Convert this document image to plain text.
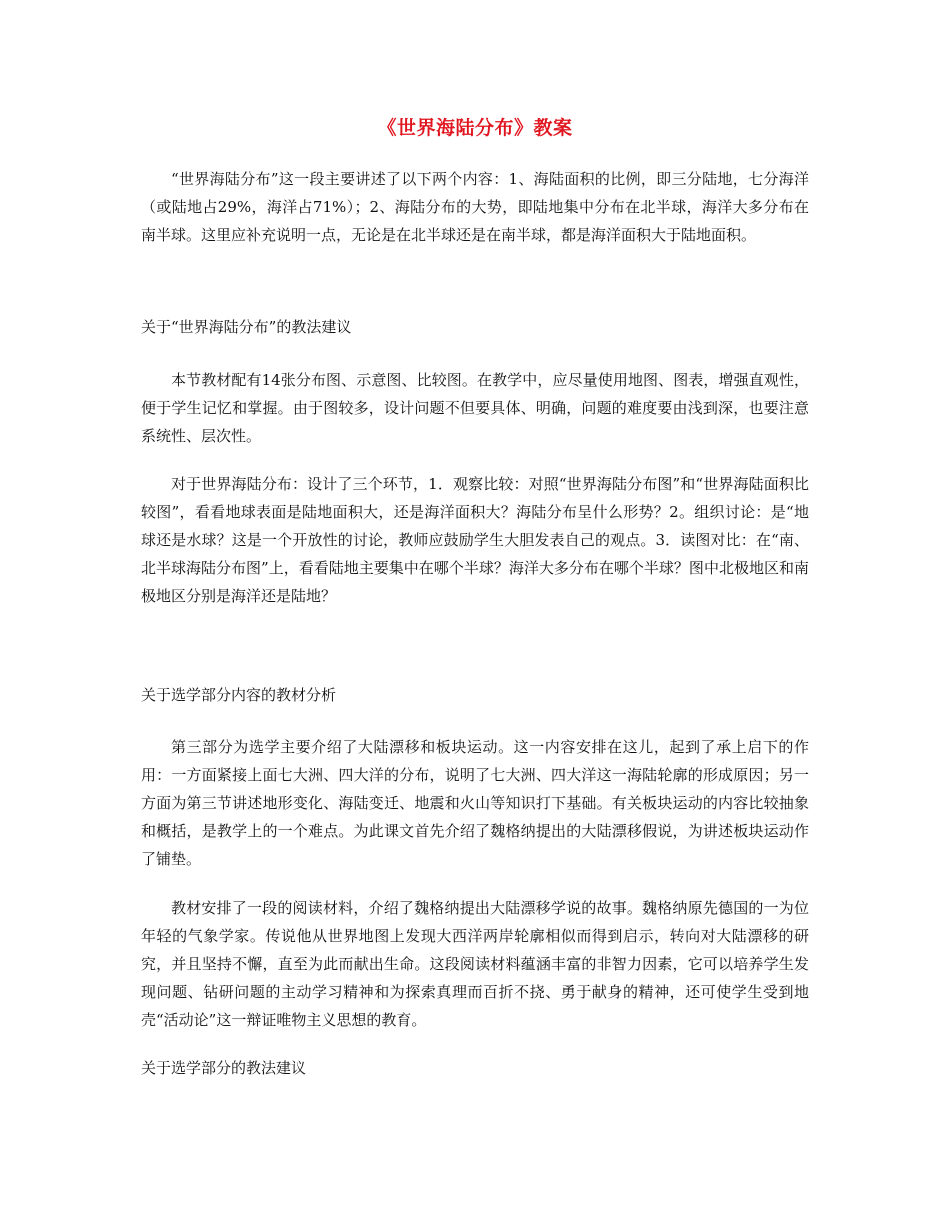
《世界海陆分布》教案
“世界海陆分布”这一段主要讲述了以下两个内容：1、海陆面积的比例，即三分陆地，七分海洋（或陆地占29%，海洋占71%）；2、海陆分布的大势，即陆地集中分布在北半球，海洋大多分布在南半球。这里应补充说明一点，无论是在北半球还是在南半球，都是海洋面积大于陆地面积。
关于“世界海陆分布”的教法建议
本节教材配有14张分布图、示意图、比较图。在教学中，应尽量使用地图、图表，增强直观性，便于学生记忆和掌握。由于图较多，设计问题不但要具体、明确，问题的难度要由浅到深，也要注意系统性、层次性。
对于世界海陆分布：设计了三个环节，1．观察比较：对照“世界海陆分布图”和“世界海陆面积比较图”，看看地球表面是陆地面积大，还是海洋面积大？海陆分布呈什么形势？2。组织讨论：是“地球还是水球？这是一个开放性的讨论，教师应鼓励学生大胆发表自己的观点。3．读图对比：在“南、北半球海陆分布图”上，看看陆地主要集中在哪个半球？海洋大多分布在哪个半球？图中北极地区和南极地区分别是海洋还是陆地？
关于选学部分内容的教材分析
第三部分为选学主要介绍了大陆漂移和板块运动。这一内容安排在这儿，起到了承上启下的作用：一方面紧接上面七大洲、四大洋的分布，说明了七大洲、四大洋这一海陆轮廓的形成原因；另一方面为第三节讲述地形变化、海陆变迁、地震和火山等知识打下基础。有关板块运动的内容比较抽象和概括，是教学上的一个难点。为此课文首先介绍了魏格纳提出的大陆漂移假说，为讲述板块运动作了铺垫。
教材安排了一段的阅读材料，介绍了魏格纳提出大陆漂移学说的故事。魏格纳原先德国的一为位年轻的气象学家。传说他从世界地图上发现大西洋两岸轮廓相似而得到启示，转向对大陆漂移的研究，并且坚持不懈，直至为此而献出生命。这段阅读材料蕴涵丰富的非智力因素，它可以培养学生发现问题、钻研问题的主动学习精神和为探索真理而百折不挠、勇于献身的精神，还可使学生受到地壳“活动论”这一辩证唯物主义思想的教育。
关于选学部分的教法建议
